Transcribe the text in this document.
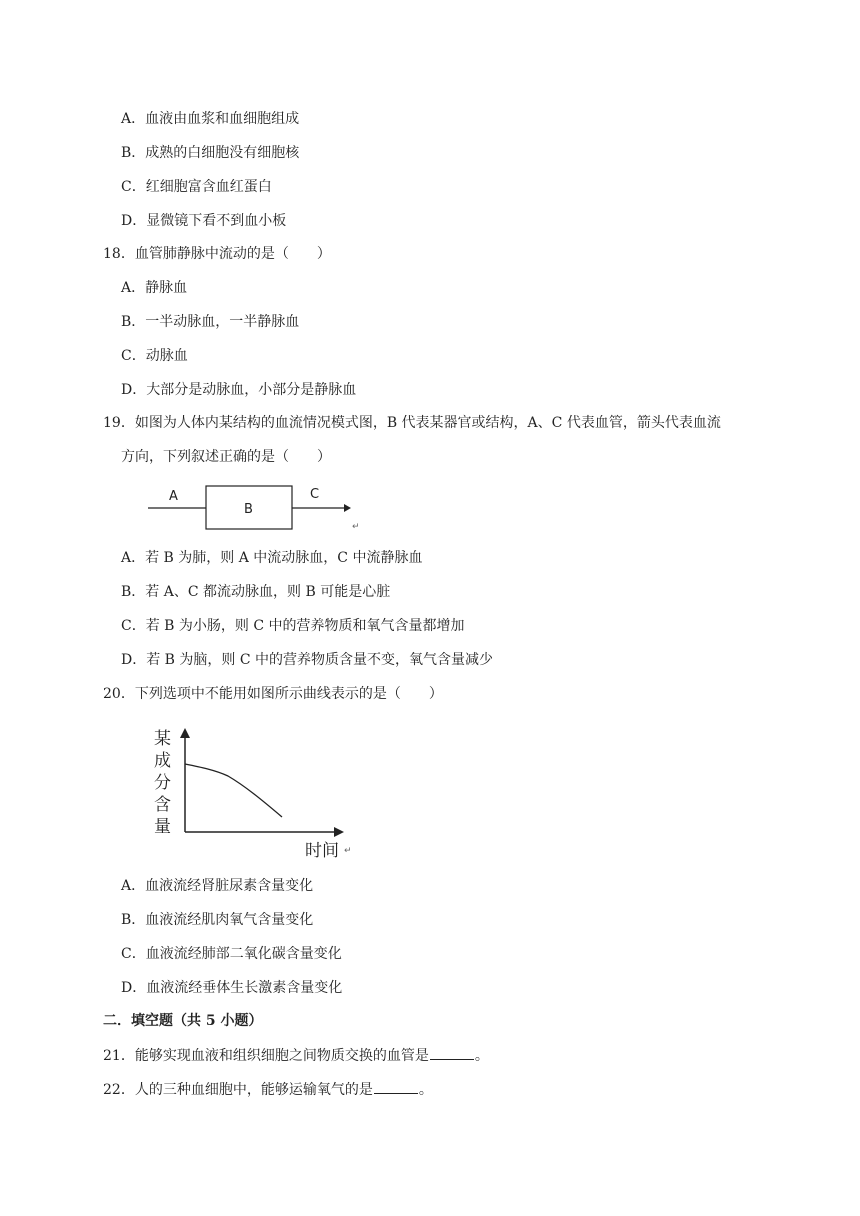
A．血液由血浆和血细胞组成
B．成熟的白细胞没有细胞核
C．红细胞富含血红蛋白
D．显微镜下看不到血小板
18．血管肺静脉中流动的是（　　）
A．静脉血
B．一半动脉血，一半静脉血
C．动脉血
D．大部分是动脉血，小部分是静脉血
19．如图为人体内某结构的血流情况模式图，B 代表某器官或结构，A、C 代表血管，箭头代表血流
方向，下列叙述正确的是（　　）
A
B
C
↵
A．若 B 为肺，则 A 中流动脉血，C 中流静脉血
B．若 A、C 都流动脉血，则 B 可能是心脏
C．若 B 为小肠，则 C 中的营养物质和氧气含量都增加
D．若 B 为脑，则 C 中的营养物质含量不变，氧气含量减少
20．下列选项中不能用如图所示曲线表示的是（　　）
某
成
分
含
量
时间 ↵
A．血液流经肾脏尿素含量变化
B．血液流经肌肉氧气含量变化
C．血液流经肺部二氧化碳含量变化
D．血液流经垂体生长激素含量变化
二．填空题（共 5 小题）
21．能够实现血液和组织细胞之间物质交换的血管是	。
22．人的三种血细胞中，能够运输氧气的是	。
